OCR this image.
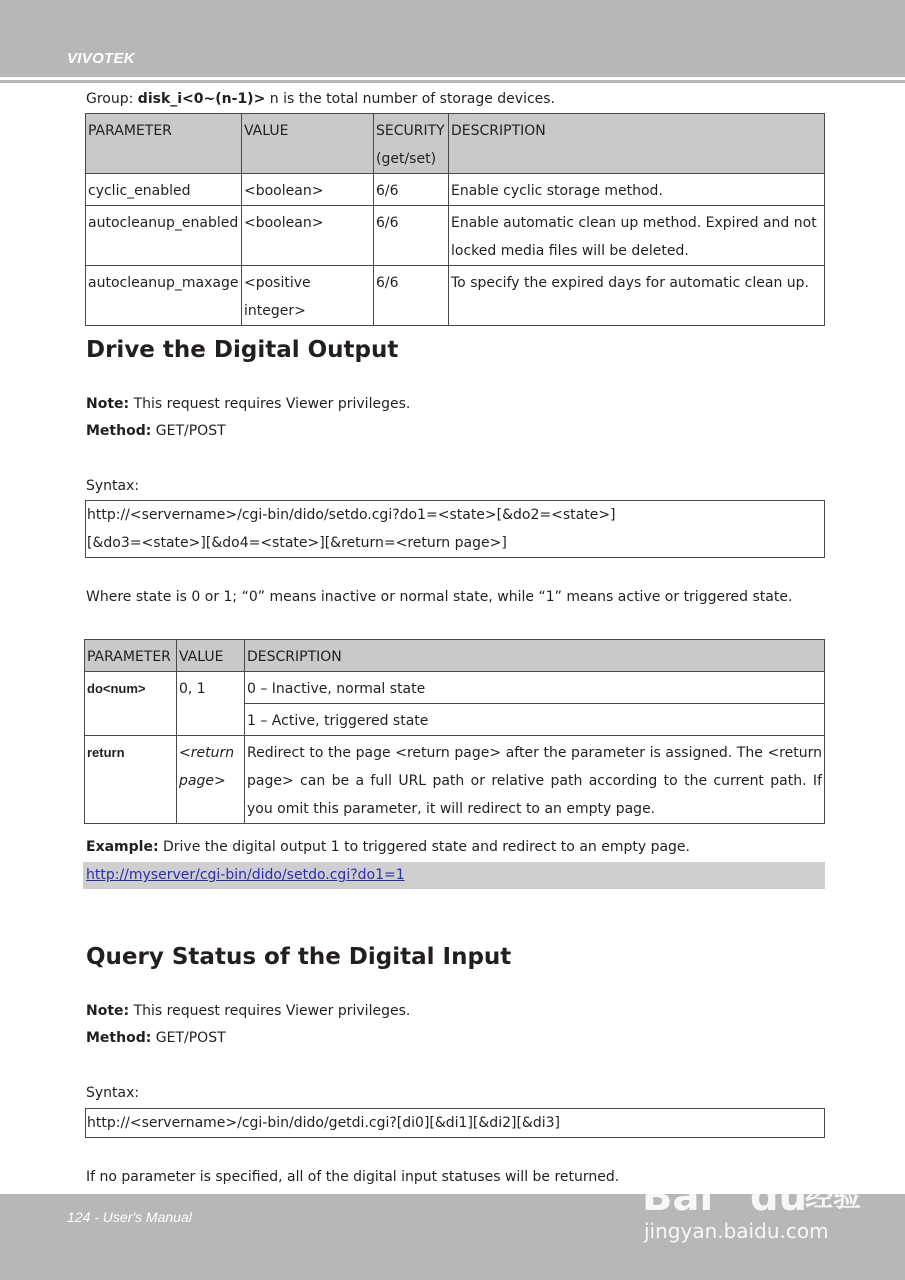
VIVOTEK
Group: disk_i<0~(n-1)> n is the total number of storage devices.
PARAMETER	VALUE	SECURITY (get/set)	DESCRIPTION
cyclic_enabled	<boolean>	6/6	Enable cyclic storage method.
autocleanup_enabled	<boolean>	6/6	Enable automatic clean up method. Expired and not locked media files will be deleted.
autocleanup_maxage	<positive integer>	6/6	To specify the expired days for automatic clean up.
Drive the Digital Output
Note: This request requires Viewer privileges.
Method: GET/POST
Syntax:
http://<servername>/cgi-bin/dido/setdo.cgi?do1=<state>[&do2=<state>]
[&do3=<state>][&do4=<state>][&return=<return page>]
Where state is 0 or 1; “0” means inactive or normal state, while “1” means active or triggered state.
PARAMETER	VALUE	DESCRIPTION
do<num>	0, 1	0 – Inactive, normal state
		1 – Active, triggered state
return	<return page>	Redirect to the page <return page> after the parameter is assigned. The <return page> can be a full URL path or relative path according to the current path. If you omit this parameter, it will redirect to an empty page.
Example: Drive the digital output 1 to triggered state and redirect to an empty page.
http://myserver/cgi-bin/dido/setdo.cgi?do1=1
Query Status of the Digital Input
Note: This request requires Viewer privileges.
Method: GET/POST
Syntax:
http://<servername>/cgi-bin/dido/getdi.cgi?[di0][&di1][&di2][&di3]
If no parameter is specified, all of the digital input statuses will be returned.
124 - User's Manual	Bai du
经验
jingyan.baidu.com
